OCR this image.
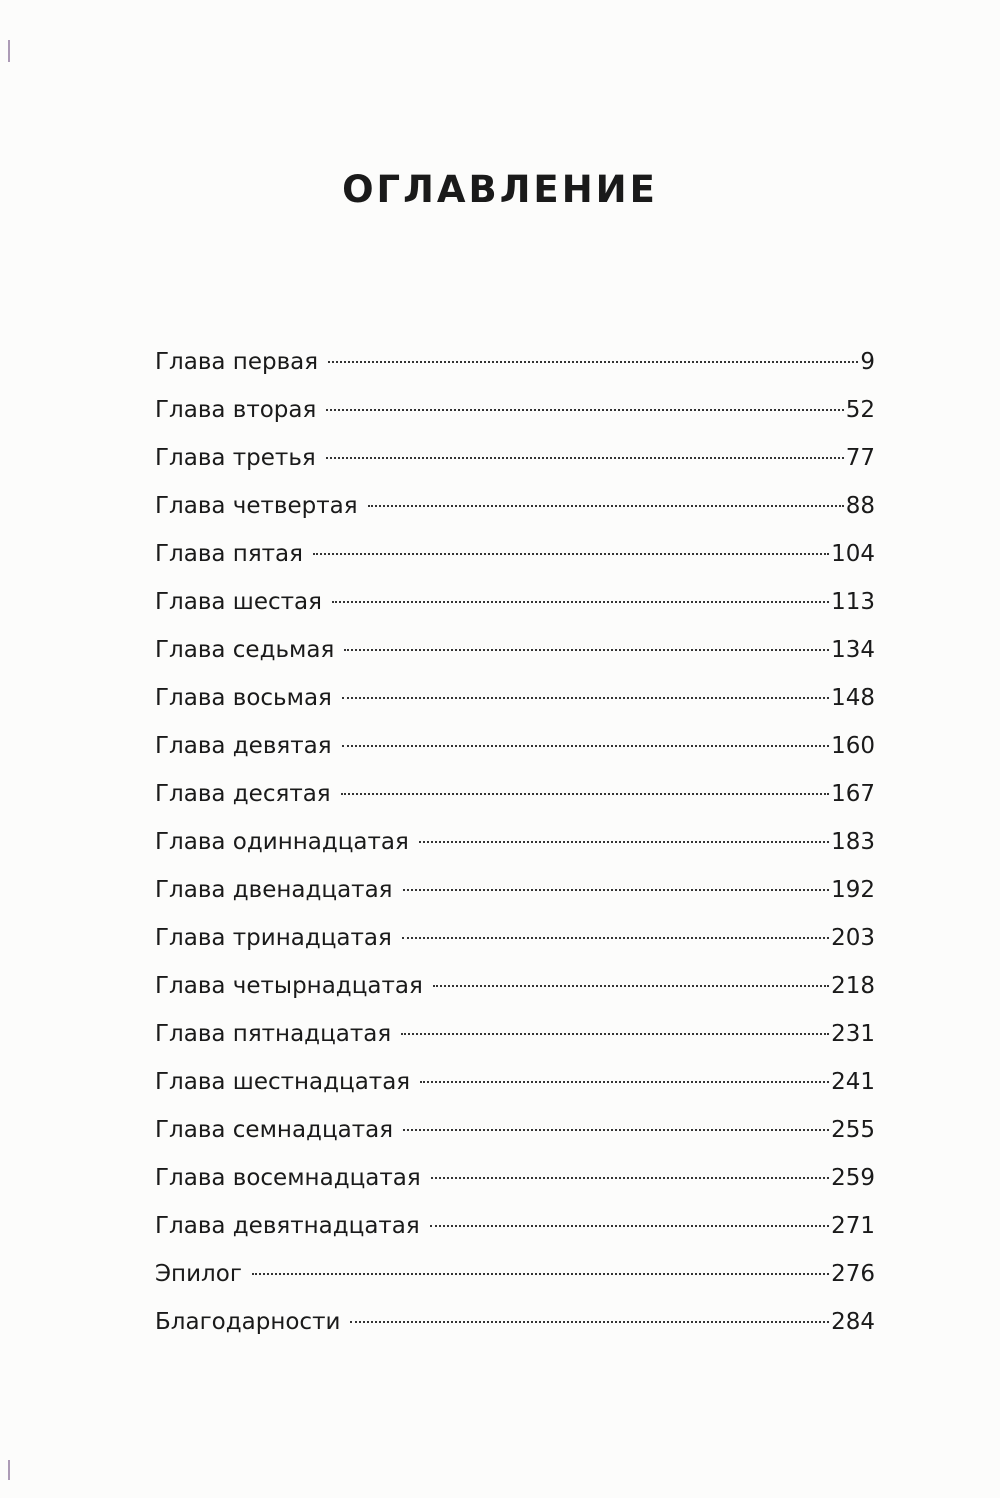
ОГЛАВЛЕНИЕ
Глава первая	9
Глава вторая	52
Глава третья	77
Глава четвертая	88
Глава пятая	104
Глава шестая	113
Глава седьмая	134
Глава восьмая	148
Глава девятая	160
Глава десятая	167
Глава одиннадцатая	183
Глава двенадцатая	192
Глава тринадцатая	203
Глава четырнадцатая	218
Глава пятнадцатая	231
Глава шестнадцатая	241
Глава семнадцатая	255
Глава восемнадцатая	259
Глава девятнадцатая	271
Эпилог	276
Благодарности	284
